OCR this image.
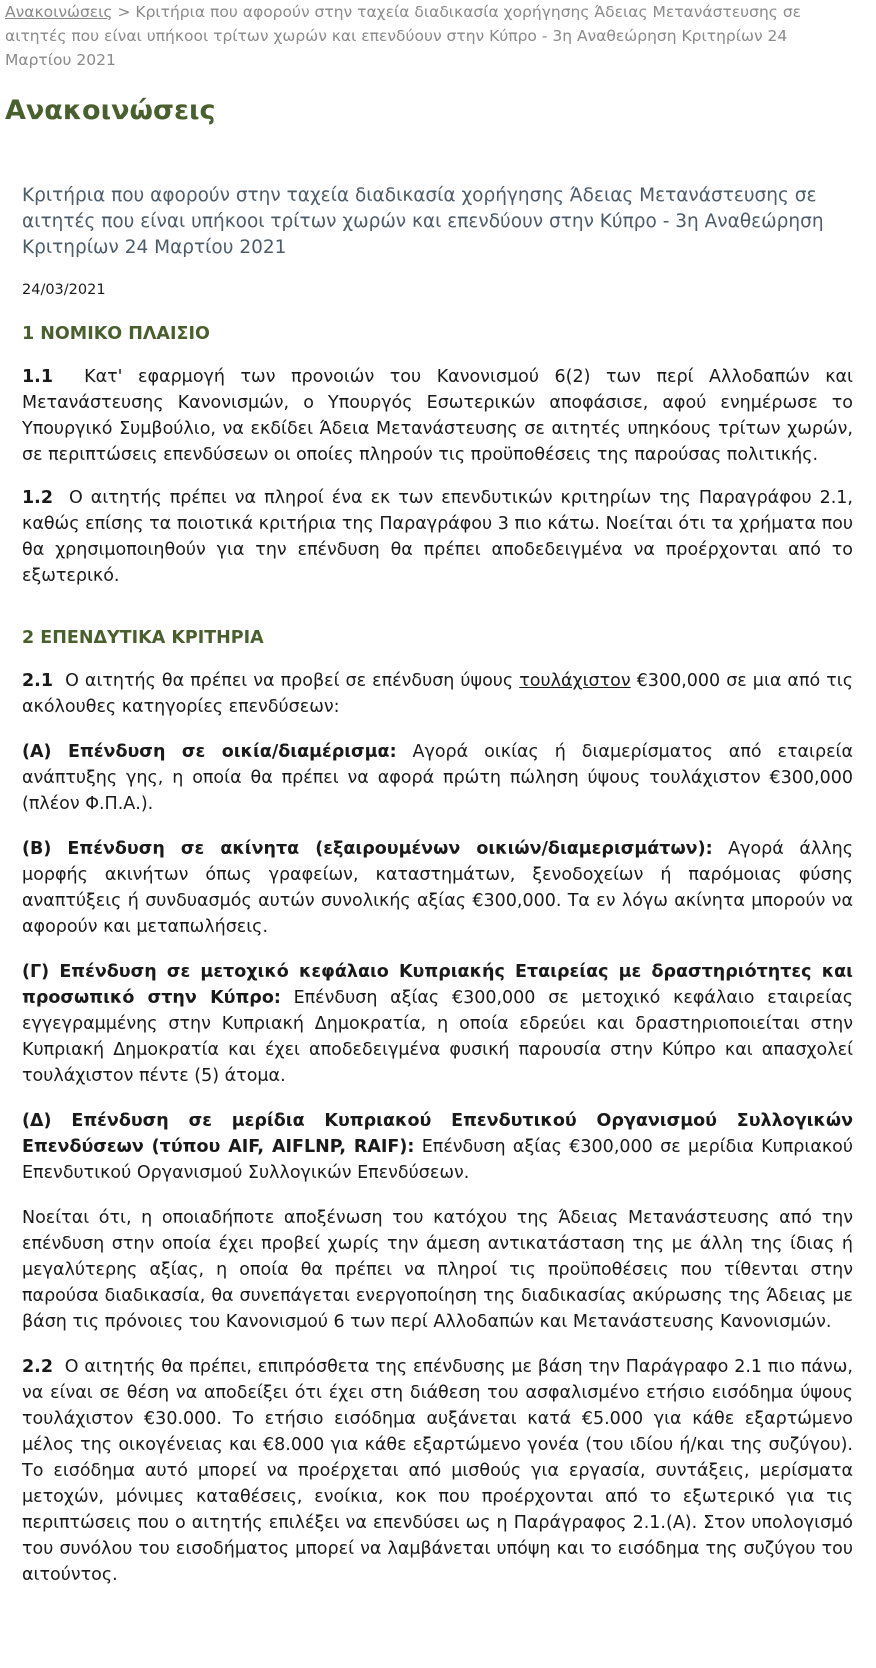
Ανακοινώσεις > Κριτήρια που αφορούν στην ταχεία διαδικασία χορήγησης Άδειας Μετανάστευσης σε αιτητές που είναι υπήκοοι τρίτων χωρών και επενδύουν στην Κύπρο - 3η Αναθεώρηση Κριτηρίων 24 Μαρτίου 2021
Ανακοινώσεις

Κριτήρια που αφορούν στην ταχεία διαδικασία χορήγησης Άδειας Μετανάστευσης σε αιτητές που είναι υπήκοοι τρίτων χωρών και επενδύουν στην Κύπρο - 3η Αναθεώρηση Κριτηρίων 24 Μαρτίου 2021

24/03/2021

1 ΝΟΜΙΚΟ ΠΛΑΙΣΙΟ

1.1 Κατ' εφαρμογή των προνοιών του Κανονισμού 6(2) των περί Αλλοδαπών και Μετανάστευσης Κανονισμών, ο Υπουργός Εσωτερικών αποφάσισε, αφού ενημέρωσε το Υπουργικό Συμβούλιο, να εκδίδει Άδεια Μετανάστευσης σε αιτητές υπηκόους τρίτων χωρών, σε περιπτώσεις επενδύσεων οι οποίες πληρούν τις προϋποθέσεις της παρούσας πολιτικής.

1.2 Ο αιτητής πρέπει να πληροί ένα εκ των επενδυτικών κριτηρίων της Παραγράφου 2.1, καθώς επίσης τα ποιοτικά κριτήρια της Παραγράφου 3 πιο κάτω. Νοείται ότι τα χρήματα που θα χρησιμοποιηθούν για την επένδυση θα πρέπει αποδεδειγμένα να προέρχονται από το εξωτερικό.

2 ΕΠΕΝΔΥΤΙΚΑ ΚΡΙΤΗΡΙΑ

2.1 Ο αιτητής θα πρέπει να προβεί σε επένδυση ύψους τουλάχιστον €300,000 σε μια από τις ακόλουθες κατηγορίες επενδύσεων:

(Α) Επένδυση σε οικία/διαμέρισμα: Αγορά οικίας ή διαμερίσματος από εταιρεία ανάπτυξης γης, η οποία θα πρέπει να αφορά πρώτη πώληση ύψους τουλάχιστον €300,000 (πλέον Φ.Π.Α.).

(Β) Επένδυση σε ακίνητα (εξαιρουμένων οικιών/διαμερισμάτων): Αγορά άλλης μορφής ακινήτων όπως γραφείων, καταστημάτων, ξενοδοχείων ή παρόμοιας φύσης αναπτύξεις ή συνδυασμός αυτών συνολικής αξίας €300,000. Τα εν λόγω ακίνητα μπορούν να αφορούν και μεταπωλήσεις.

(Γ) Επένδυση σε μετοχικό κεφάλαιο Κυπριακής Εταιρείας με δραστηριότητες και προσωπικό στην Κύπρο: Επένδυση αξίας €300,000 σε μετοχικό κεφάλαιο εταιρείας εγγεγραμμένης στην Κυπριακή Δημοκρατία, η οποία εδρεύει και δραστηριοποιείται στην Κυπριακή Δημοκρατία και έχει αποδεδειγμένα φυσική παρουσία στην Κύπρο και απασχολεί τουλάχιστον πέντε (5) άτομα.

(Δ) Επένδυση σε μερίδια Κυπριακού Επενδυτικού Οργανισμού Συλλογικών Επενδύσεων (τύπου AIF, AIFLNP, RAIF): Επένδυση αξίας €300,000 σε μερίδια Κυπριακού Επενδυτικού Οργανισμού Συλλογικών Επενδύσεων.

Νοείται ότι, η οποιαδήποτε αποξένωση του κατόχου της Άδειας Μετανάστευσης από την επένδυση στην οποία έχει προβεί χωρίς την άμεση αντικατάσταση της με άλλη της ίδιας ή μεγαλύτερης αξίας, η οποία θα πρέπει να πληροί τις προϋποθέσεις που τίθενται στην παρούσα διαδικασία, θα συνεπάγεται ενεργοποίηση της διαδικασίας ακύρωσης της Άδειας με βάση τις πρόνοιες του Κανονισμού 6 των περί Αλλοδαπών και Μετανάστευσης Κανονισμών.

2.2 Ο αιτητής θα πρέπει, επιπρόσθετα της επένδυσης με βάση την Παράγραφο 2.1 πιο πάνω, να είναι σε θέση να αποδείξει ότι έχει στη διάθεση του ασφαλισμένο ετήσιο εισόδημα ύψους τουλάχιστον €30.000. Το ετήσιο εισόδημα αυξάνεται κατά €5.000 για κάθε εξαρτώμενο μέλος της οικογένειας και €8.000 για κάθε εξαρτώμενο γονέα (του ιδίου ή/και της συζύγου). Το εισόδημα αυτό μπορεί να προέρχεται από μισθούς για εργασία, συντάξεις, μερίσματα μετοχών, μόνιμες καταθέσεις, ενοίκια, κοκ που προέρχονται από το εξωτερικό για τις περιπτώσεις που ο αιτητής επιλέξει να επενδύσει ως η Παράγραφος 2.1.(Α). Στον υπολογισμό του συνόλου του εισοδήματος μπορεί να λαμβάνεται υπόψη και το εισόδημα της συζύγου του αιτούντος.
